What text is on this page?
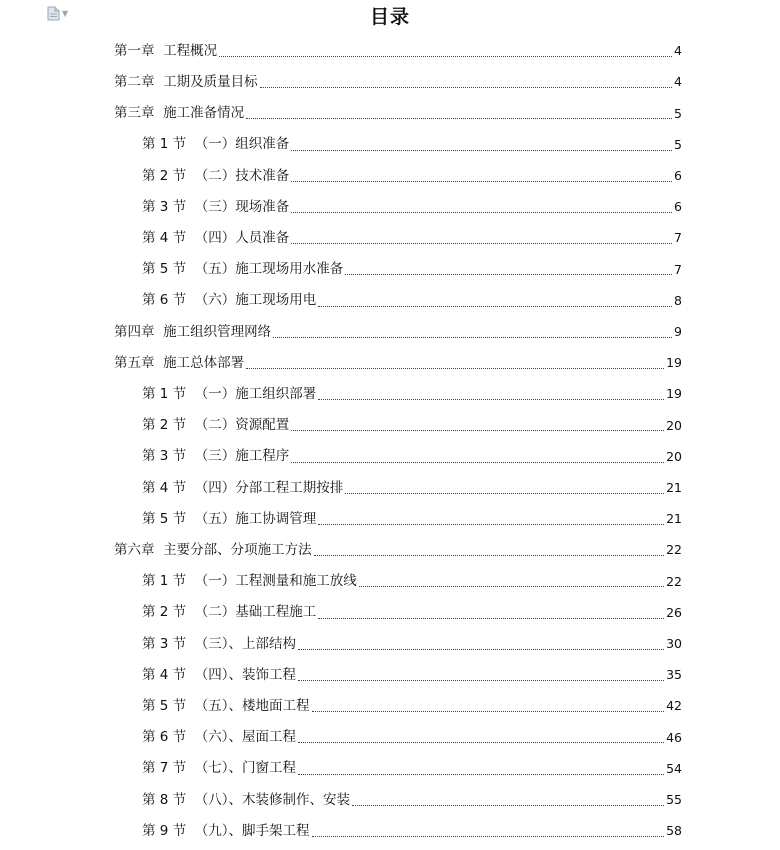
▼	目录
第一章  工程概况	4
第二章  工期及质量目标	4
第三章  施工准备情况	5
第 1 节  （一）组织准备	5
第 2 节  （二）技术准备	6
第 3 节  （三）现场准备	6
第 4 节  （四）人员准备	7
第 5 节  （五）施工现场用水准备	7
第 6 节  （六）施工现场用电	8
第四章  施工组织管理网络	9
第五章  施工总体部署	19
第 1 节  （一）施工组织部署	19
第 2 节  （二）资源配置	20
第 3 节  （三）施工程序	20
第 4 节  （四）分部工程工期按排	21
第 5 节  （五）施工协调管理	21
第六章  主要分部、分项施工方法	22
第 1 节  （一）工程测量和施工放线	22
第 2 节  （二）基础工程施工	26
第 3 节  （三）、上部结构	30
第 4 节  （四）、装饰工程	35
第 5 节  （五）、楼地面工程	42
第 6 节  （六）、屋面工程	46
第 7 节  （七）、门窗工程	54
第 8 节  （八）、木装修制作、安装	55
第 9 节  （九）、脚手架工程	58
